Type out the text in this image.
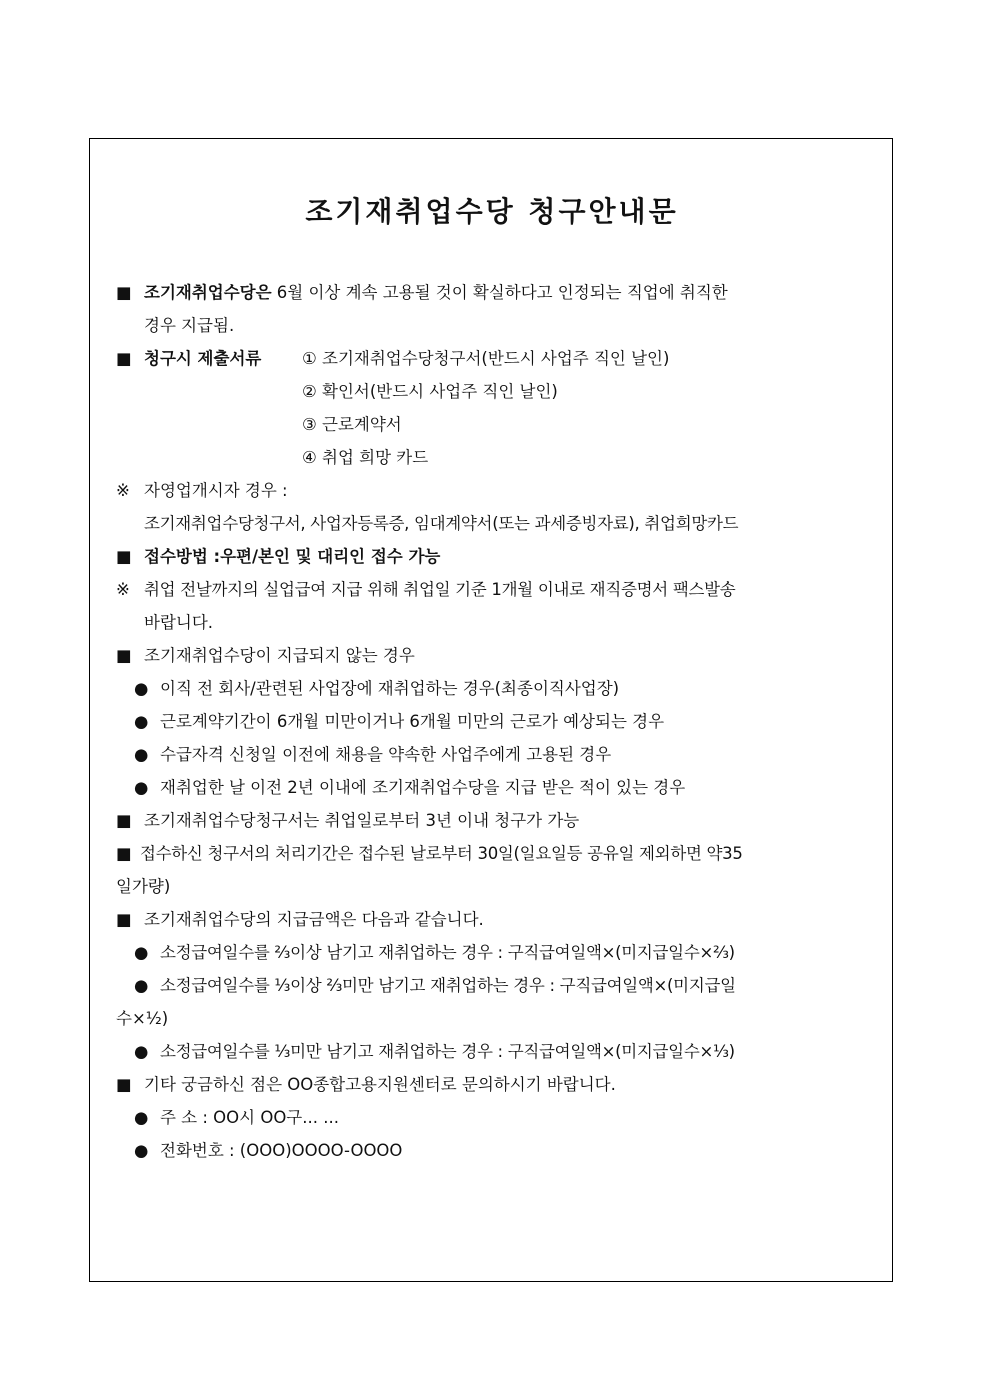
조기재취업수당 청구안내문
■ 조기재취업수당은 6월 이상 계속 고용될 것이 확실하다고 인정되는 직업에 취직한
경우 지급됨.
■ 청구시 제출서류 ① 조기재취업수당청구서(반드시 사업주 직인 날인)
② 확인서(반드시 사업주 직인 날인)
③ 근로계약서
④ 취업 희망 카드
※ 자영업개시자 경우 :
조기재취업수당청구서, 사업자등록증, 임대계약서(또는 과세증빙자료), 취업희망카드
■ 접수방법 :우편/본인 및 대리인 접수 가능
※ 취업 전날까지의 실업급여 지급 위해 취업일 기준 1개월 이내로 재직증명서 팩스발송
바랍니다.
■ 조기재취업수당이 지급되지 않는 경우
● 이직 전 회사/관련된 사업장에 재취업하는 경우(최종이직사업장)
● 근로계약기간이 6개월 미만이거나 6개월 미만의 근로가 예상되는 경우
● 수급자격 신청일 이전에 채용을 약속한 사업주에게 고용된 경우
● 재취업한 날 이전 2년 이내에 조기재취업수당을 지급 받은 적이 있는 경우
■ 조기재취업수당청구서는 취업일로부터 3년 이내 청구가 가능
■ 접수하신 청구서의 처리기간은 접수된 날로부터 30일(일요일등 공유일 제외하면 약35
일가량)
■ 조기재취업수당의 지급금액은 다음과 같습니다.
● 소정급여일수를 ⅔이상 남기고 재취업하는 경우 : 구직급여일액×(미지급일수×⅔)
● 소정급여일수를 ⅓이상 ⅔미만 남기고 재취업하는 경우 : 구직급여일액×(미지급일
수×½)
● 소정급여일수를 ⅓미만 남기고 재취업하는 경우 : 구직급여일액×(미지급일수×⅓)
■ 기타 궁금하신 점은 OO종합고용지원센터로 문의하시기 바랍니다.
● 주 소 : OO시 OO구... ...
● 전화번호 : (OOO)OOOO-OOOO
